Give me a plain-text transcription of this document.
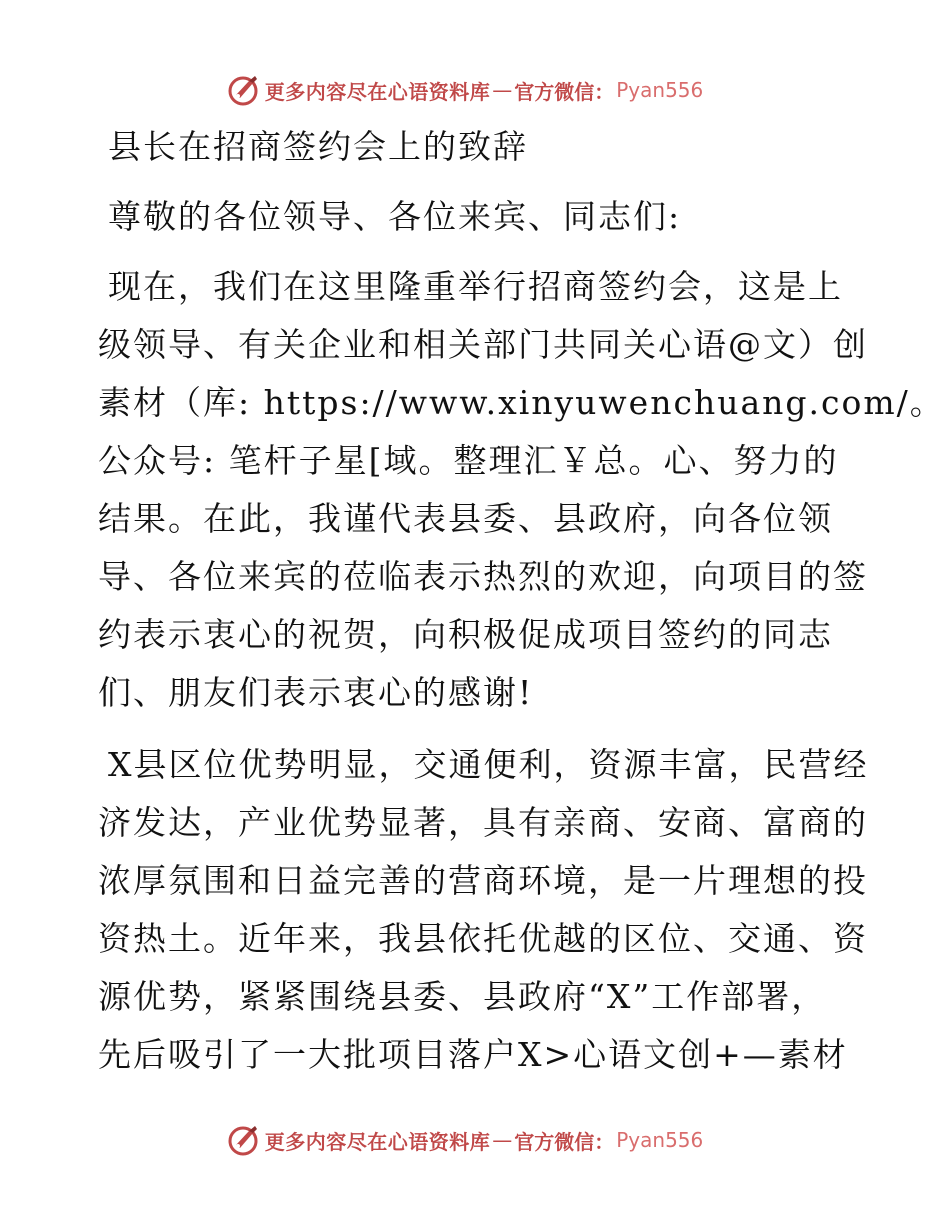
更多内容尽在心语资料库 — 官方微信： Pyan556
县长在招商签约会上的致辞

尊敬的各位领导、各位来宾、同志们:

现在，我们在这里隆重举行招商签约会，这是上
级领导、有关企业和相关部门共同关心语@文）创
素材（库: https://www.xinyuwenchuang.com/。
公众号: 笔杆子星[域。整理汇￥总。心、努力的
结果。在此，我谨代表县委、县政府，向各位领
导、各位来宾的莅临表示热烈的欢迎，向项目的签
约表示衷心的祝贺，向积极促成项目签约的同志
们、朋友们表示衷心的感谢!

X县区位优势明显，交通便利，资源丰富，民营经
济发达，产业优势显著，具有亲商、安商、富商的
浓厚氛围和日益完善的营商环境，是一片理想的投
资热土。近年来，我县依托优越的区位、交通、资
源优势，紧紧围绕县委、县政府“X”工作部署，
先后吸引了一大批项目落户X>心语文创+—素材

更多内容尽在心语资料库 — 官方微信： Pyan556
